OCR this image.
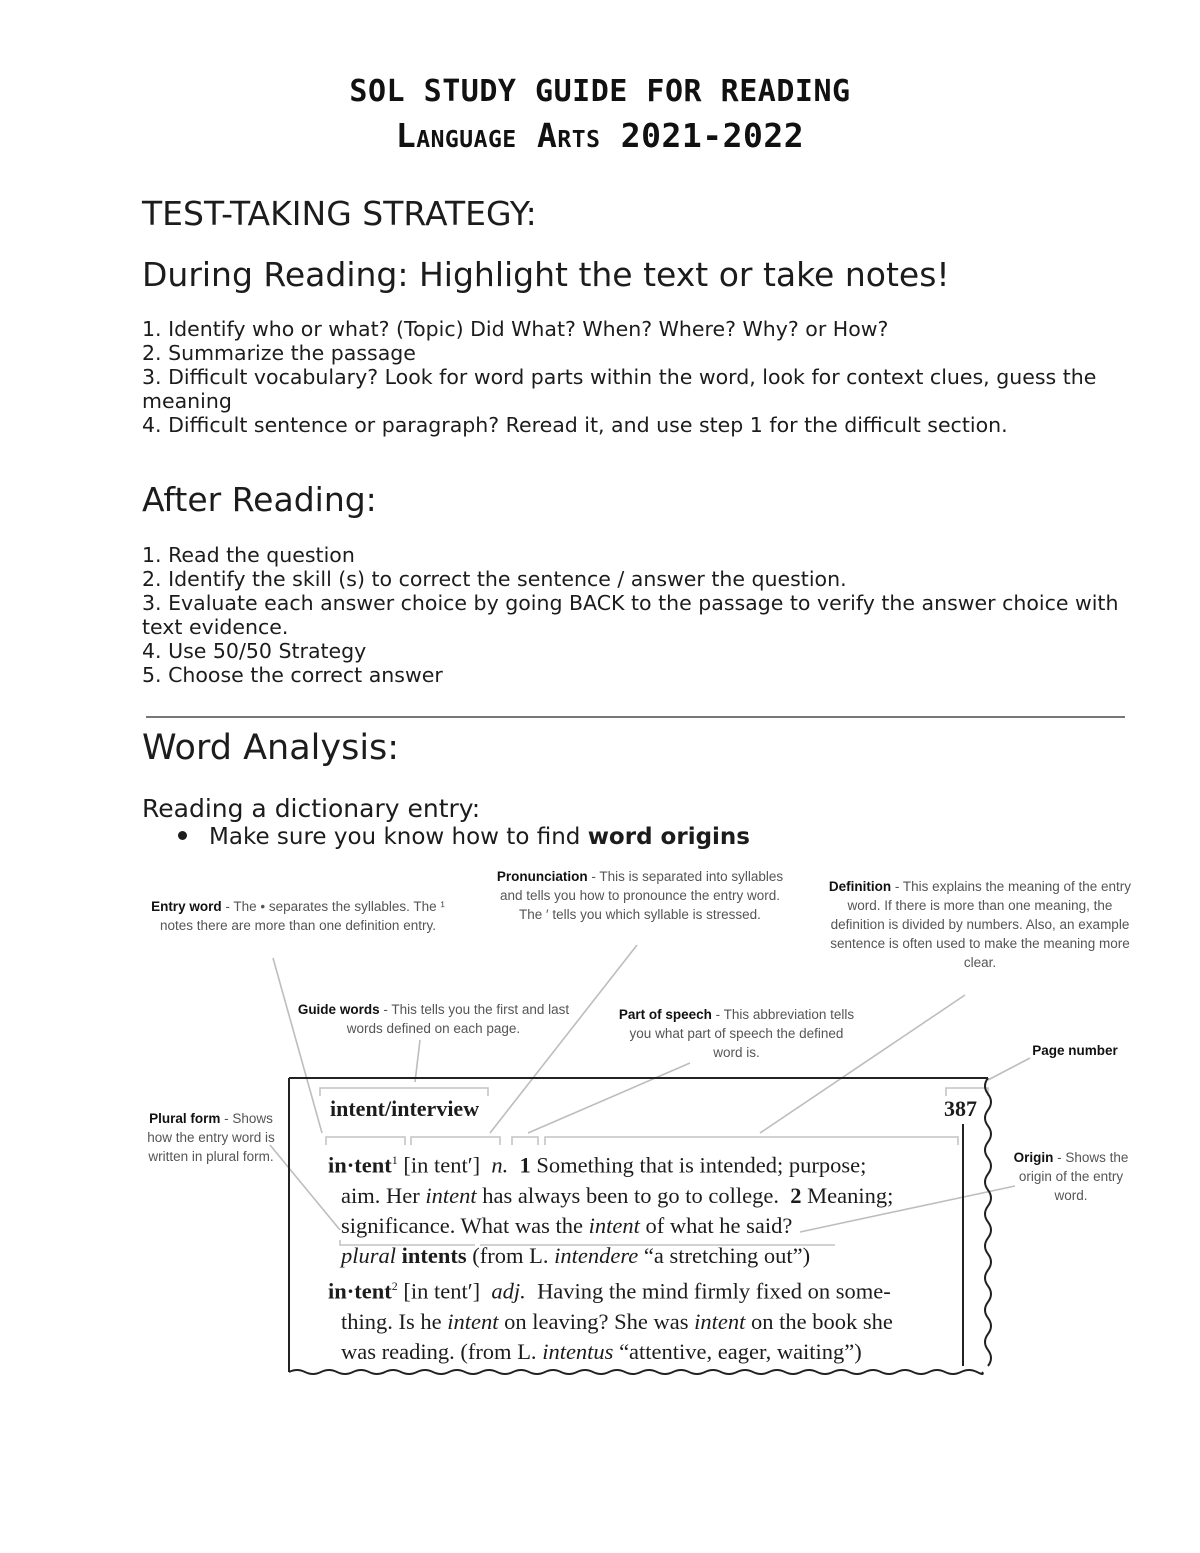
SOL STUDY GUIDE FOR READING
Language Arts 2021-2022
TEST-TAKING STRATEGY:
During Reading: Highlight the text or take notes!
1. Identify who or what? (Topic) Did What? When? Where? Why? or How?
2. Summarize the passage
3. Difficult vocabulary? Look for word parts within the word, look for context clues, guess the meaning
4. Difficult sentence or paragraph? Reread it, and use step 1 for the difficult section.
After Reading:
1. Read the question
2. Identify the skill (s) to correct the sentence / answer the question.
3. Evaluate each answer choice by going BACK to the passage to verify the answer choice with text evidence.
4. Use 50/50 Strategy
5. Choose the correct answer
Word Analysis:
Reading a dictionary entry:
Make sure you know how to find word origins
Entry word - The • separates the syllables. The ¹ notes there are more than one definition entry.
Pronunciation - This is separated into syllables and tells you how to pronounce the entry word. The ′ tells you which syllable is stressed.
Definition - This explains the meaning of the entry word. If there is more than one meaning, the definition is divided by numbers. Also, an example sentence is often used to make the meaning more clear.
Guide words - This tells you the first and last words defined on each page.
Part of speech - This abbreviation tells you what part of speech the defined word is.	Page number
Plural form - Shows how the entry word is written in plural form.	Origin - Shows the origin of the entry word.
intent/interview	387
in·tent$^1$ [in tent′] n. 1 Something that is intended; purpose;
aim. Her intent has always been to go to college. 2 Meaning;
significance. What was the intent of what he said?
plural intents (from L. intendere “a stretching out”)
in·tent$^2$ [in tent′] adj. Having the mind firmly fixed on some-
thing. Is he intent on leaving? She was intent on the book she
was reading. (from L. intentus “attentive, eager, waiting”)
